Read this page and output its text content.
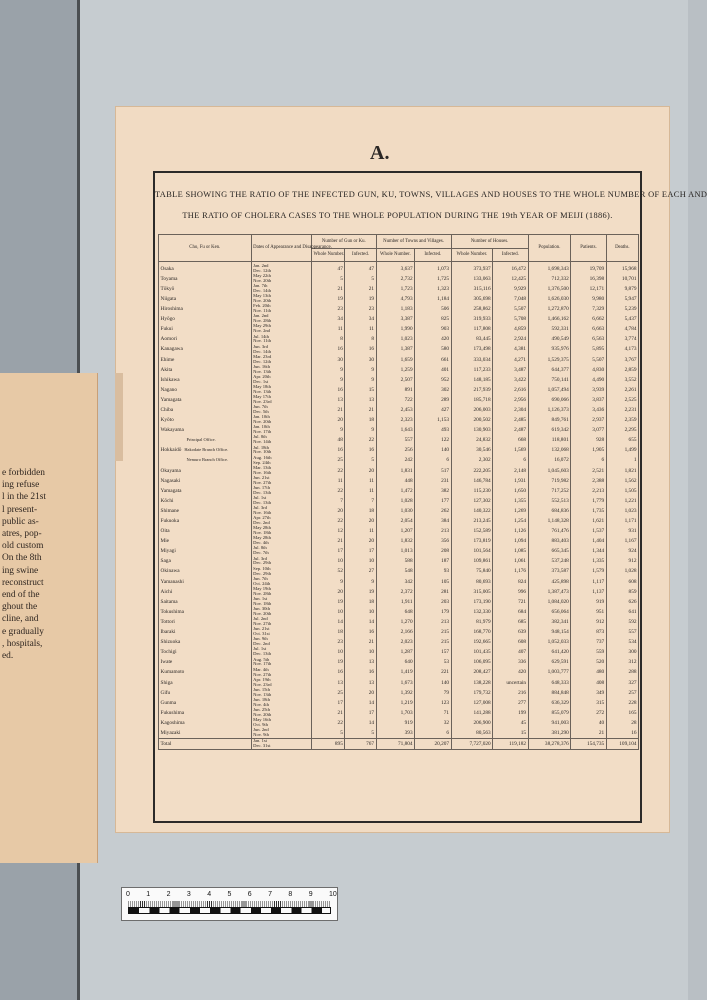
e forbidden
ing refuse
l in the 21st
l present-
public as-
atres, pop-
old custom
On the 8th
ing swine
reconstruct
end of the
ghout the
cline, and
e gradually
, hospitals,
ed.
A.
TABLE SHOWING THE RATIO OF THE INFECTED GUN, KU, TOWNS, VILLAGES AND HOUSES TO THE WHOLE NUMBER OF EACH AND
THE RATIO OF CHOLERA CASES TO THE WHOLE POPULATION DURING THE 19th YEAR OF MEIJI (1886).
Cho, Fu or Ken.	Dates of Appearance and Disappearance.	Number of Gun or Ku.		Number of Towns and Villages.		Number of Houses.		Population.	Patients.	Deaths.
		Whole Number.	Infected.	Whole Number.	Infected.	Whole Number.	Infected.			
Osaka	Jan. 2nd
Dec. 12th	47	47	3,637	1,073	373,937	16,472	1,698,343	19,709	15,968
Toyama	May 22th
Nov. 20th	5	5	2,732	1,725	133,063	12,425	712,332	16,398	10,701
Tōkyō	Jan. 7th
Dec. 14th	21	21	1,723	1,323	315,116	9,929	1,376,500	12,171	9,879
Niigata	May 13th
Nov. 20th	19	19	4,793	1,184	305,698	7,048	1,626,030	9,980	5,947
Hiroshima	Feb. 20th
Nov. 11th	23	23	1,183	506	258,862	5,507	1,272,870	7,329	5,239
Hyōgo	Jan. 2nd
Nov. 28th	34	34	3,387	825	319,933	5,708	1,466,162	6,662	5,437
Fukui	May 29th
Nov. 2nd	11	11	1,990	903	117,808	4,859	592,331	6,663	4,784
Aomori	Jul. 14th
Nov. 11th	8	8	1,023	420	83,445	2,924	490,549	6,563	3,774
Kanagawa	Jun. 3rd
Dec. 14th	16	16	1,387	580	173,498	4,381	935,976	5,895	4,173
Ehime	Mar. 23rd
Dec. 12th	30	30	1,659	661	333,034	4,271	1,529,375	5,507	3,767
Akita	Jun. 16th
Nov. 13th	9	9	1,259	401	117,233	3,487	644,377	4,830	2,859
Ishikawa	Apr. 20th
Dec. 1st	9	9	2,507	952	148,185	3,422	750,141	4,490	3,552
Nagano	May 18th
Nov. 13th	16	15	891	302	217,939	2,616	1,057,494	3,939	2,261
Yamagata	May 17th
Nov. 23rd	13	13	722	289	185,718	2,956	690,066	3,837	2,525
Chiba	Jun. 7th
Dec. 5th	21	21	2,453	427	206,003	2,304	1,126,373	3,436	2,231
Kyōto	Jan. 10th
Nov. 20th	20	18	2,323	1,153	200,502	2,485	849,761	2,937	2,359
Wakayama	Jan. 10th
Nov. 17th	9	9	1,643	493	130,903	2,487	619,342	3,077	2,295
Principal Office.	Jul. 8th
Nov. 14th	48	22	557	122	24,832	668	118,801	928	655
Hokkaidō Hakodate Branch Office.	Jul. 18th
Nov. 10th	16	16	256	140	30,546	1,569	132,068	1,905	1,499
Nemuro Branch Office.	Aug. 16th
Sep. 24th	25	5	242	6	2,302	6	16,072	6	1
Okayama	Mar. 13th
Nov. 16th	22	20	1,831	517	222,205	2,148	1,045,603	2,521	1,821
Nagasaki	Jun. 21st
Nov. 27th	11	11	448	231	146,784	1,931	719,982	2,388	1,562
Yamagata	Jun. 17th
Dec. 13th	22	11	1,472	382	115,230	1,650	717,252	2,213	1,505
Kōchi	Jul. 1st
Dec. 13th	7	7	1,028	177	127,302	1,355	552,513	1,779	1,221
Shimane	Jul. 3rd
Nov. 16th	20	18	1,030	262	140,322	1,269	684,836	1,735	1,023
Fukuoka	Apr. 27th
Dec. 2nd	22	20	2,054	384	213,245	1,254	1,148,328	1,621	1,171
Oita	May 28th
Nov. 18th	12	11	1,207	213	152,589	1,126	761,476	1,537	931
Mie	May 28th
Dec. 4th	21	20	1,832	356	173,819	1,094	883,403	1,404	1,167
Miyagi	Jul. 8th
Dec. 7th	17	17	1,013	208	101,564	1,085	665,345	1,344	924
Saga	Jul. 3rd
Dec. 29th	10	10	588	187	109,861	1,061	537,248	1,335	912
Okinawa	Sep. 10th
Dec. 29th	52	27	548	93	75,840	1,176	373,587	1,579	1,028
Yamanashi	Jun. 7th
Oct. 24th	9	9	342	105	80,693	824	425,898	1,117	608
Aichi	May 19th
Nov. 28th	20	19	2,372	281	315,005	996	1,387,473	1,137	859
Saitama	Jun. 1st
Nov. 18th	19	18	1,911	203	173,190	721	1,084,020	919	626
Tokushima	Jun. 30th
Nov. 20th	10	10	648	179	132,330	684	656,064	951	641
Tottori	Jul. 2nd
Nov. 27th	14	14	1,270	213	81,979	685	382,341	912	592
Ibaraki	Jun. 21st
Oct. 31st	18	16	2,166	215	168,770	639	948,154	873	557
Shizuoka	Jun. 9th
Dec. 2nd	23	21	2,023	215	192,665	608	1,052,033	737	534
Tochigi	Jul. 1st
Dec. 13th	10	10	1,287	157	101,435	407	641,420	559	300
Iwate	Aug. 5th
Nov. 17th	19	13	640	53	106,095	336	629,591	520	312
Kumamoto	Mar. 4th
Nov. 27th	16	16	1,419	221	208,427	420	1,003,777	480	288
Shiga	Apr. 19th
Nov. 23rd	13	13	1,673	140	138,228	uncertain	648,333	408	327
Gifu	Jun. 15th
Nov. 13th	25	20	1,392	79	179,732	216	884,848	349	257
Gunma	Jun. 18th
Nov. 4th	17	14	1,219	123	127,008	277	636,329	315	228
Fukushima	Jun. 25th
Nov. 20th	21	17	1,703	71	141,288	199	855,079	272	165
Kagoshima	May 16th
Oct. 9th	22	14	919	32	206,900	45	941,003	40	28
Miyazaki	Jun. 2nd
Nov. 9th	5	5	393	6	80,563	15	381,290	21	16
Total	Jan. 1st
Dec. 31st	895	767	71,804	20,207	7,727,020	119,182	38,278,376	154,735	109,104
0 1 2 3 4 5 6 7 8 9 10
